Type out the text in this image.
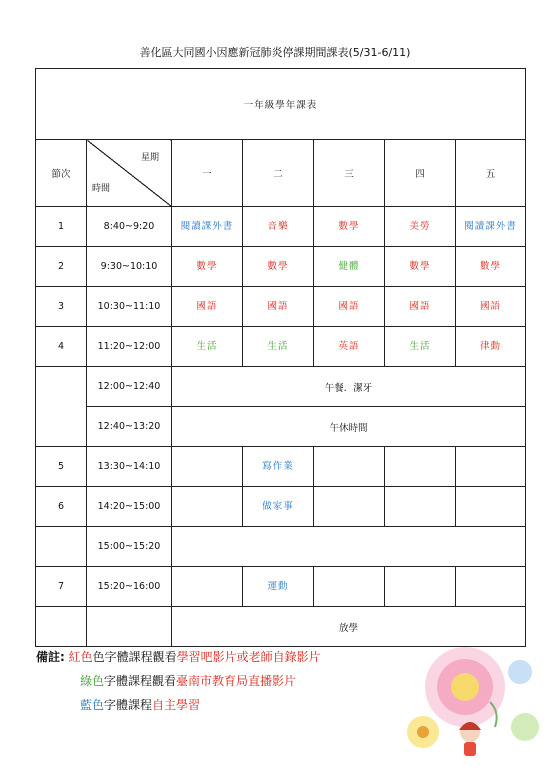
善化區大同國小因應新冠肺炎停課期間課表(5/31-6/11)
一年級學年課表						
節次	星期
時間	一	二	三	四	五
1	8:40~9:20	閱讀課外書	音樂	數學	美勞	閱讀課外書
2	9:30~10:10	數學	數學	健體	數學	數學
3	10:30~11:10	國語	國語	國語	國語	國語
4	11:20~12:00	生活	生活	英語	生活	律動
	12:00~12:40	午餐．潔牙				
	12:40~13:20	午休時間				
5	13:30~14:10		寫作業			
6	14:20~15:00		做家事			
	15:00~15:20					
7	15:20~16:00		運動			
		放學				
備註: 紅色色字體課程觀看學習吧影片或老師自錄影片
綠色字體課程觀看臺南市教育局直播影片
藍色字體課程自主學習
